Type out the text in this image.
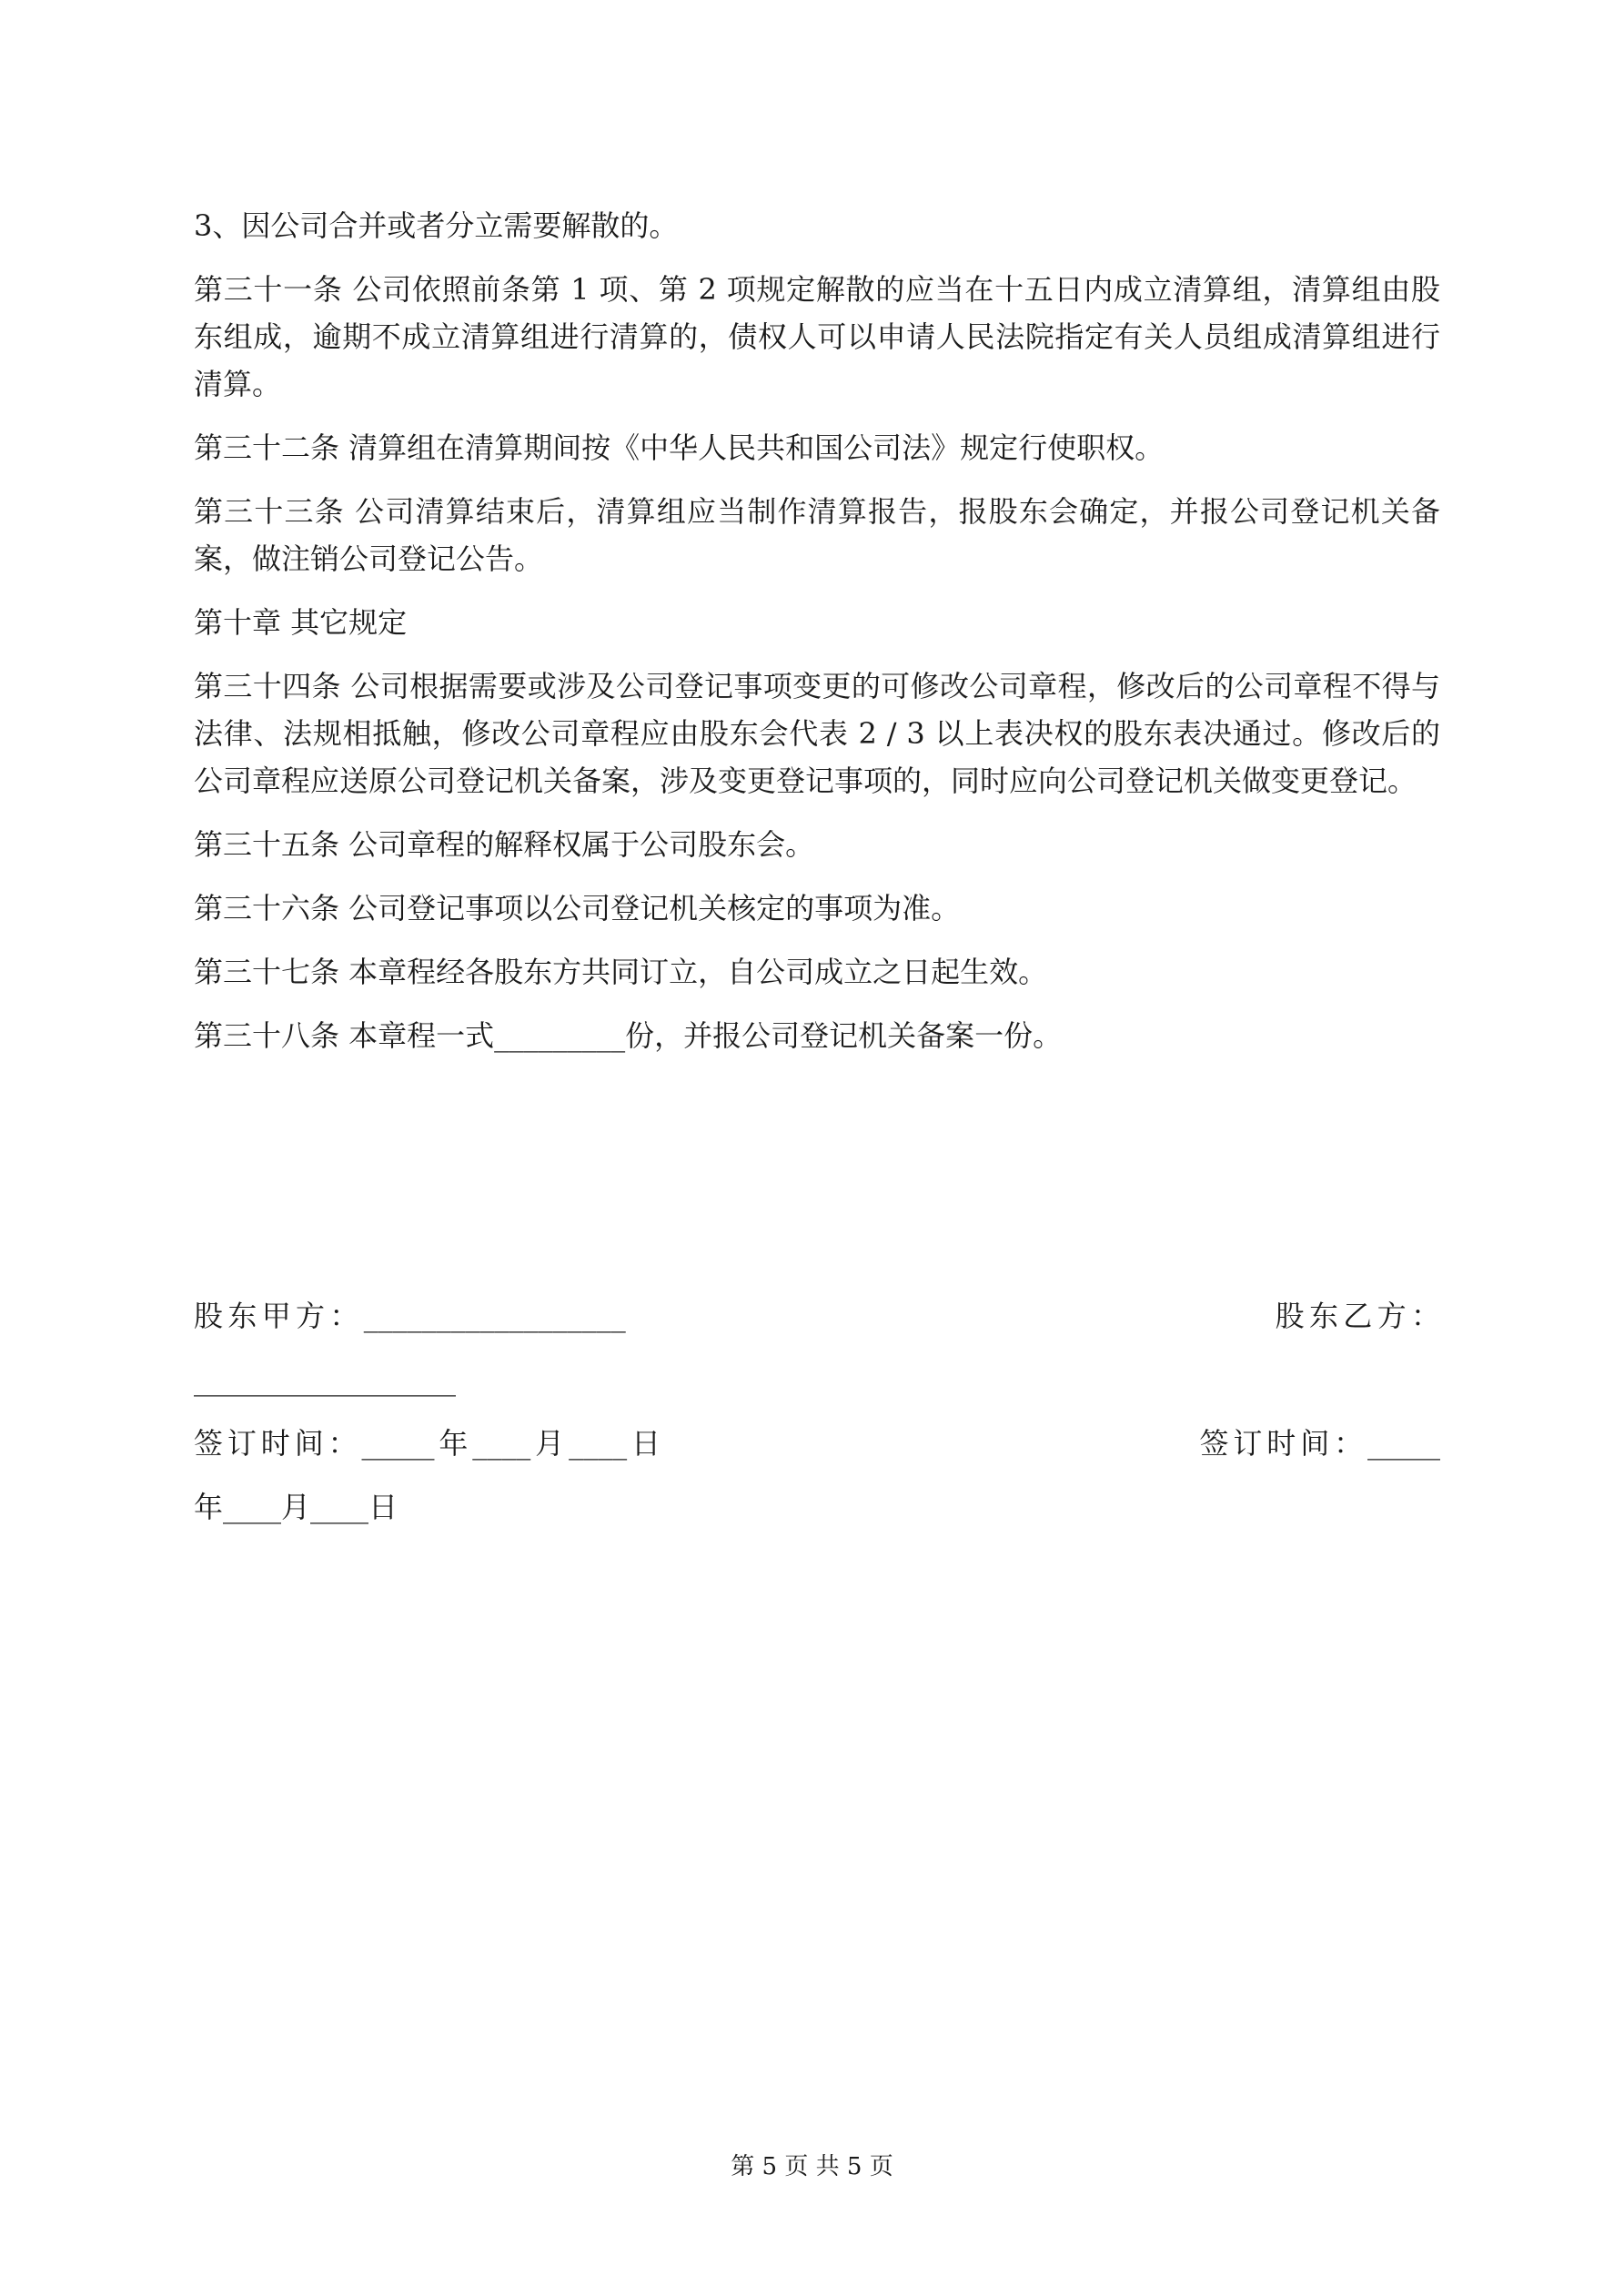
3、因公司合并或者分立需要解散的。

第三十一条 公司依照前条第 1 项、第 2 项规定解散的应当在十五日内成立清算组，清算组由股东组成，逾期不成立清算组进行清算的，债权人可以申请人民法院指定有关人员组成清算组进行清算。

第三十二条 清算组在清算期间按《中华人民共和国公司法》规定行使职权。

第三十三条 公司清算结束后，清算组应当制作清算报告，报股东会确定，并报公司登记机关备案，做注销公司登记公告。

第十章 其它规定

第三十四条 公司根据需要或涉及公司登记事项变更的可修改公司章程，修改后的公司章程不得与法律、法规相抵触，修改公司章程应由股东会代表 2 / 3 以上表决权的股东表决通过。修改后的公司章程应送原公司登记机关备案，涉及变更登记事项的，同时应向公司登记机关做变更登记。

第三十五条 公司章程的解释权属于公司股东会。

第三十六条 公司登记事项以公司登记机关核定的事项为准。

第三十七条 本章程经各股东方共同订立，自公司成立之日起生效。

第三十八条 本章程一式_________份，并报公司登记机关备案一份。

股东甲方：__________________                                              股东乙方：
__________________
签订时间：_____年____月____日                                       签订时间：_____
年____月____日
第 5 页 共 5 页
